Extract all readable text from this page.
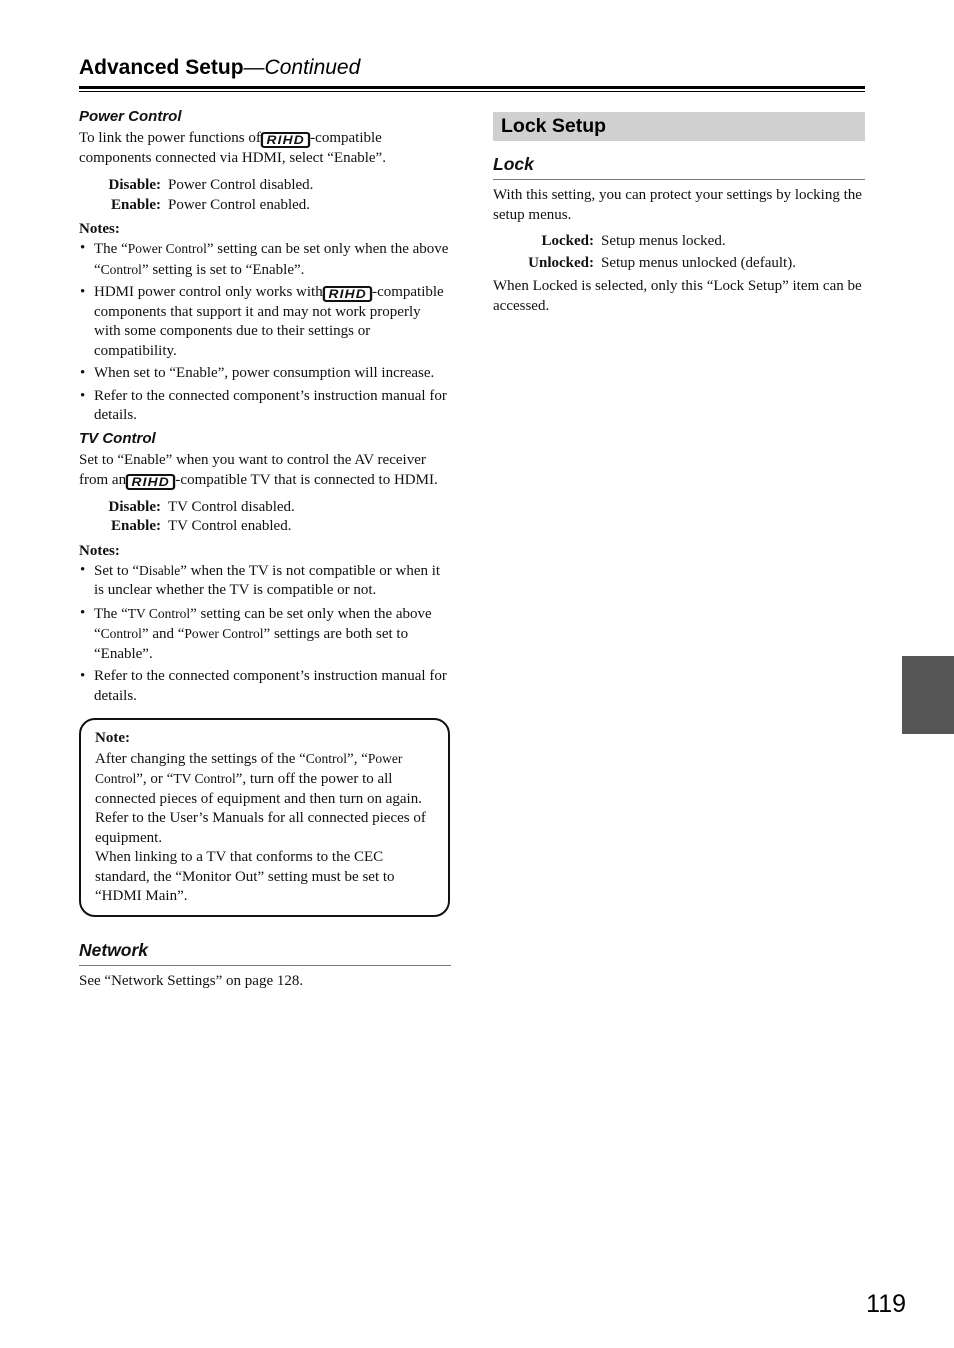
Advanced Setup—Continued
Power Control

To link the power functions of RIHD -compatible components connected via HDMI, select “Enable”.

Disable: Power Control disabled.
Enable: Power Control enabled.
Notes:
• The “Power Control” setting can be set only when the above “Control” setting is set to “Enable”.
• HDMI power control only works with RIHD -compatible components that support it and may not work properly with some components due to their settings or compatibility.
• When set to “Enable”, power consumption will increase.
• Refer to the connected component’s instruction manual for details.
TV Control

Set to “Enable” when you want to control the AV receiver from an RIHD -compatible TV that is connected to HDMI.

Disable: TV Control disabled.
Enable: TV Control enabled.
Notes:
• Set to “Disable” when the TV is not compatible or when it is unclear whether the TV is compatible or not.
• The “TV Control” setting can be set only when the above “Control” and “Power Control” settings are both set to “Enable”.
• Refer to the connected component’s instruction manual for details.
Note:
After changing the settings of the “Control”, “Power Control”, or “TV Control”, turn off the power to all connected pieces of equipment and then turn on again. Refer to the User’s Manuals for all connected pieces of equipment.
When linking to a TV that conforms to the CEC standard, the “Monitor Out” setting must be set to “HDMI Main”.
Network

See “Network Settings” on page 128.

Lock Setup
Lock

With this setting, you can protect your settings by locking the setup menus.

Locked: Setup menus locked.
Unlocked: Setup menus unlocked (default).

When Locked is selected, only this “Lock Setup” item can be accessed.

119
